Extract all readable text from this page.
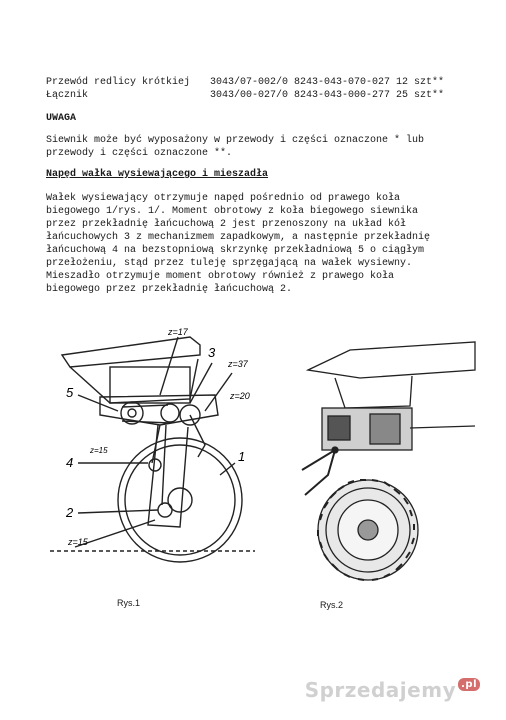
Przewód redlicy krótkiej 3043/07-002/0 8243-043-070-027 12 szt**
Łącznik	3043/00-027/0 8243-043-000-277 25 szt**
UWAGA
Siewnik może być wyposażony w przewody i części oznaczone * lub
przewody i części oznaczone **.
Napęd wałka wysiewającego i mieszadła

Wałek wysiewający otrzymuje napęd pośrednio od prawego koła

biegowego 1/rys. 1/. Moment obrotowy z koła biegowego siewnika

przez przekładnię łańcuchową 2 jest przenoszony na układ kół

łańcuchowych 3 z mechanizmem zapadkowym, a następnie przekładnię

łańcuchową 4 na bezstopniową skrzynkę przekładniową 5 o ciągłym

przełożeniu, stąd przez tuleję sprzęgającą na wałek wysiewny.

Mieszadło otrzymuje moment obrotowy również z prawego koła

biegowego przez przekładnię łańcuchową 2.

z=17
3
z=37
5	z=20
z=15
4	1
2
z=15
Rys.1	Rys.2
Sprzedajemy .pl
